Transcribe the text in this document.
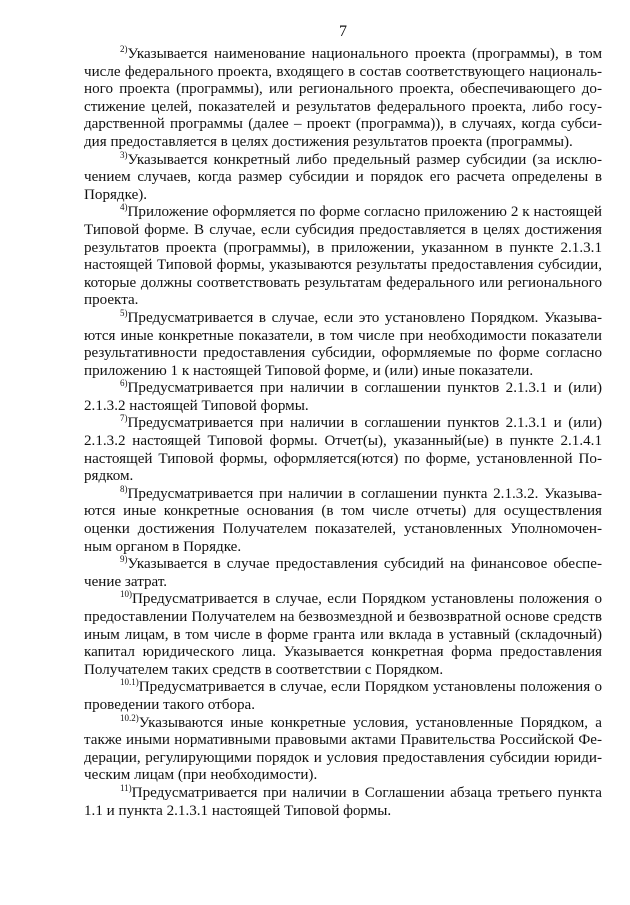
7

$^{2)}$Указывается наименование национального проекта (программы), в том числе федерального проекта, входящего в состав соответствующего национального проекта (программы), или регионального проекта, обеспечивающего достижение целей, показателей и результатов федерального проекта, либо государственной программы (далее – проект (программа)), в случаях, когда субсидия предоставляется в целях достижения результатов проекта (программы).

$^{3)}$Указывается конкретный либо предельный размер субсидии (за исключением случаев, когда размер субсидии и порядок его расчета определены в Порядке).

$^{4)}$Приложение оформляется по форме согласно приложению 2 к настоящей Типовой форме. В случае, если субсидия предоставляется в целях достижения результатов проекта (программы), в приложении, указанном в пункте 2.1.3.1 настоящей Типовой формы, указываются результаты предоставления субсидии, которые должны соответствовать результатам федерального или регионального проекта.

$^{5)}$Предусматривается в случае, если это установлено Порядком. Указываются иные конкретные показатели, в том числе при необходимости показатели результативности предоставления субсидии, оформляемые по форме согласно приложению 1 к настоящей Типовой форме, и (или) иные показатели.

$^{6)}$Предусматривается при наличии в соглашении пунктов 2.1.3.1 и (или) 2.1.3.2 настоящей Типовой формы.

$^{7)}$Предусматривается при наличии в соглашении пунктов 2.1.3.1 и (или) 2.1.3.2 настоящей Типовой формы. Отчет(ы), указанный(ые) в пункте 2.1.4.1 настоящей Типовой формы, оформляется(ются) по форме, установленной Порядком.

$^{8)}$Предусматривается при наличии в соглашении пункта 2.1.3.2. Указываются иные конкретные основания (в том числе отчеты) для осуществления оценки достижения Получателем показателей, установленных Уполномоченным органом в Порядке.

$^{9)}$Указывается в случае предоставления субсидий на финансовое обеспечение затрат.

$^{10)}$Предусматривается в случае, если Порядком установлены положения о предоставлении Получателем на безвозмездной и безвозвратной основе средств иным лицам, в том числе в форме гранта или вклада в уставный (складочный) капитал юридического лица. Указывается конкретная форма предоставления Получателем таких средств в соответствии с Порядком.

$^{10.1)}$Предусматривается в случае, если Порядком установлены положения о проведении такого отбора.

$^{10.2)}$Указываются иные конкретные условия, установленные Порядком, а также иными нормативными правовыми актами Правительства Российской Федерации, регулирующими порядок и условия предоставления субсидии юридическим лицам (при необходимости).

$^{11)}$Предусматривается при наличии в Соглашении абзаца третьего пункта 1.1 и пункта 2.1.3.1 настоящей Типовой формы.
